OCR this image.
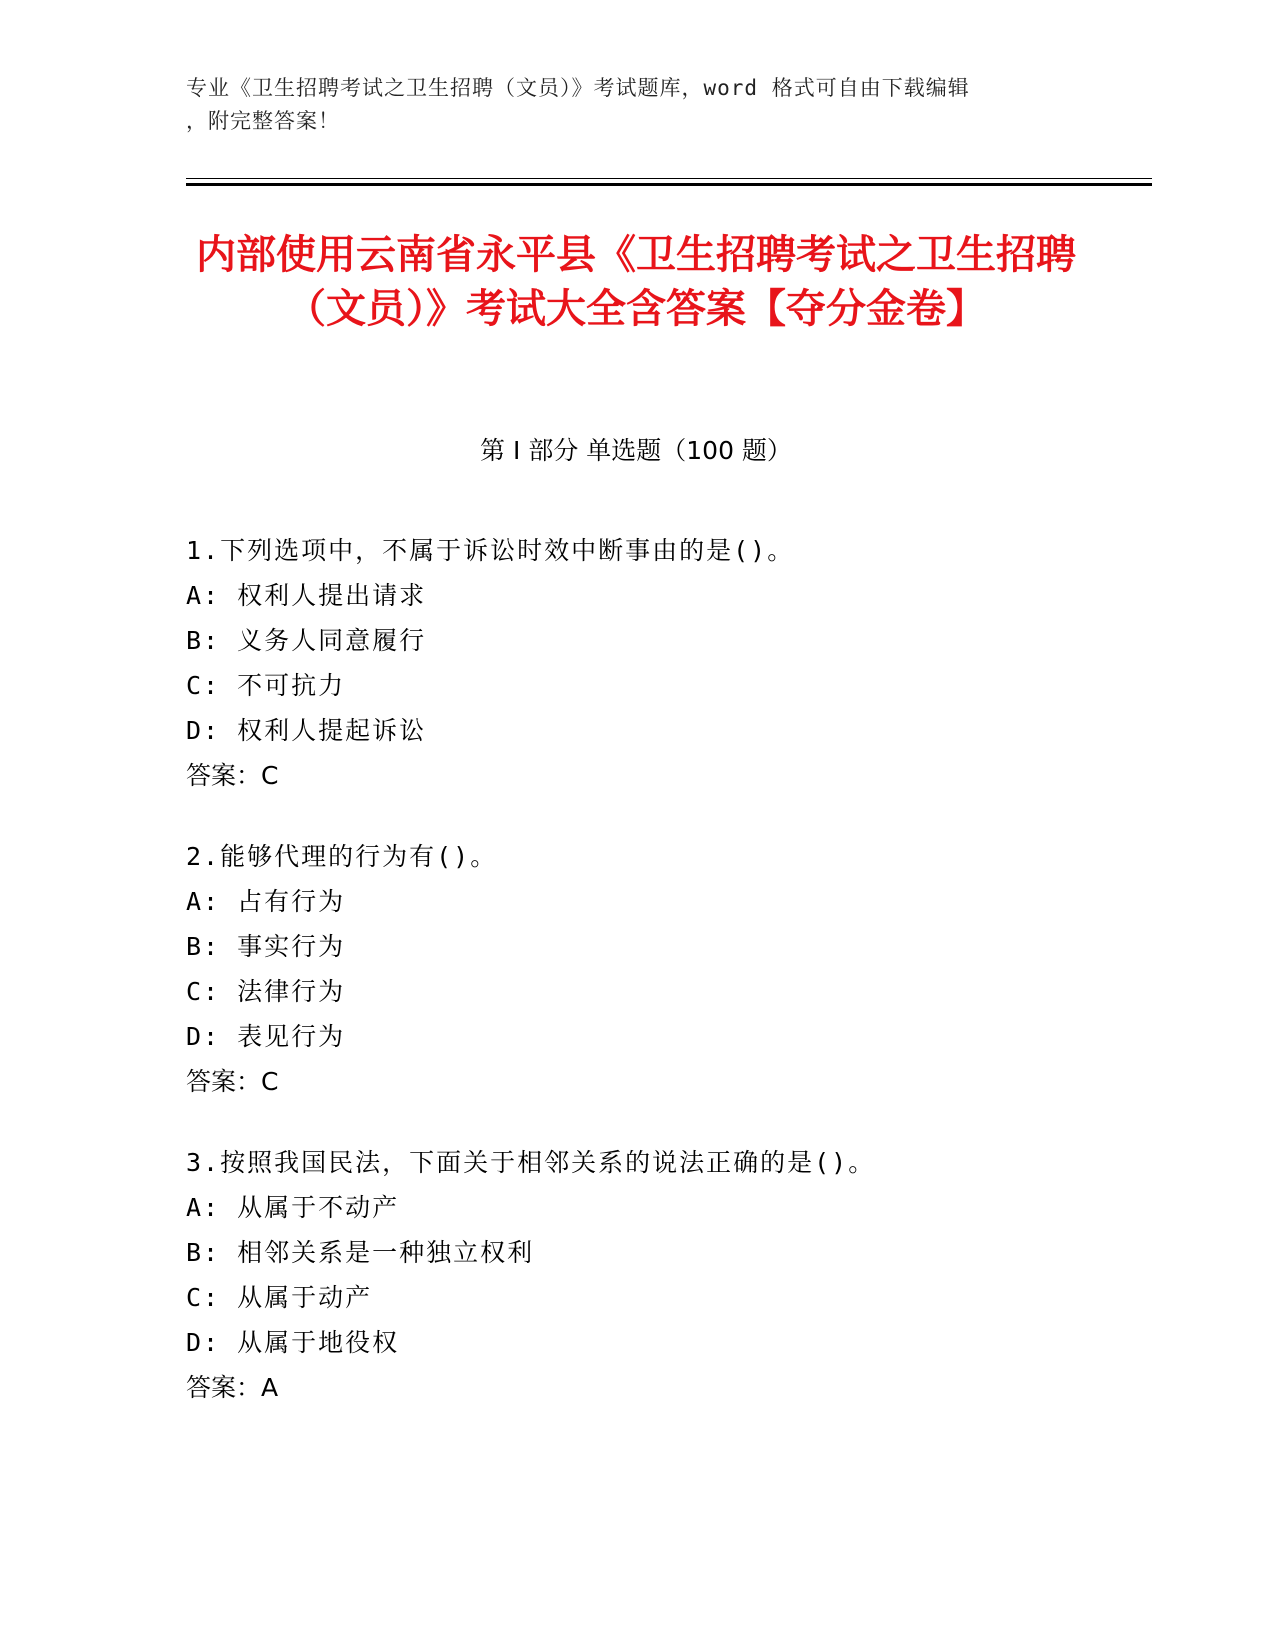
专业《卫生招聘考试之卫生招聘（文员）》考试题库，word 格式可自由下载编辑
，附完整答案！
内部使用云南省永平县《卫生招聘考试之卫生招聘（文员）》考试大全含答案【夺分金卷】
第 I 部分 单选题（100 题）
1.下列选项中，不属于诉讼时效中断事由的是()。
A: 权利人提出请求
B: 义务人同意履行
C: 不可抗力
D: 权利人提起诉讼
答案：C
2.能够代理的行为有()。
A: 占有行为
B: 事实行为
C: 法律行为
D: 表见行为
答案：C
3.按照我国民法，下面关于相邻关系的说法正确的是()。
A: 从属于不动产
B: 相邻关系是一种独立权利
C: 从属于动产
D: 从属于地役权
答案：A
